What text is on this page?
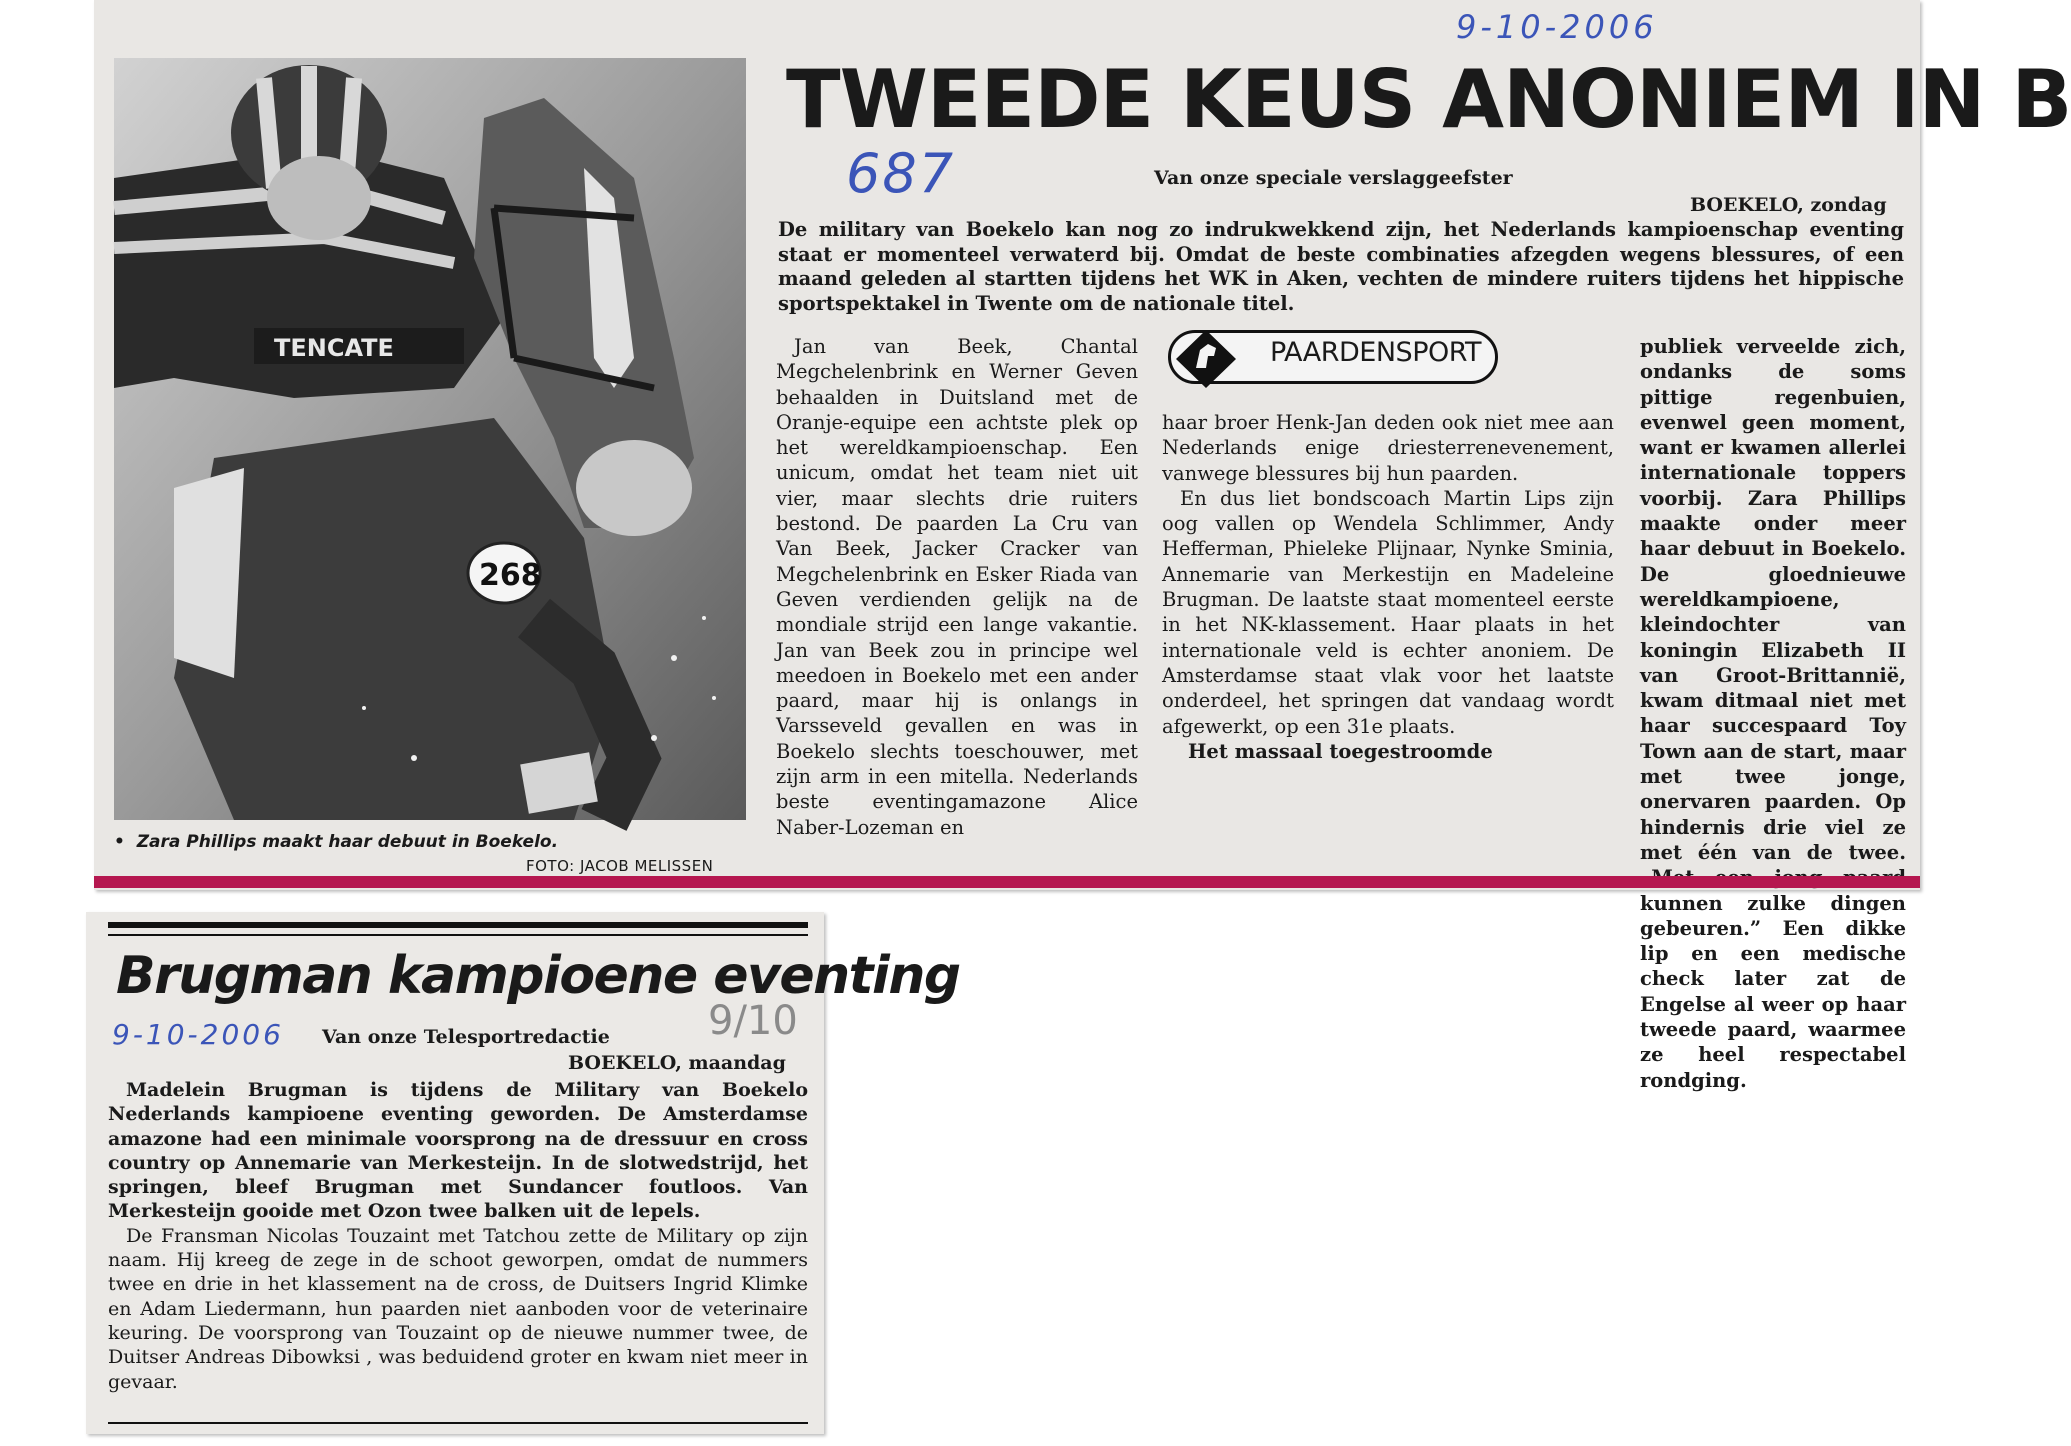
9-10-2006
687
TENCATE
268
•  Zara Phillips maakt haar debuut in Boekelo.
FOTO: JACOB MELISSEN
TWEEDE KEUS ANONIEM IN B
Van onze speciale verslaggeefster
BOEKELO, zondag
De military van Boekelo kan nog zo indrukwekkend zijn, het Nederlands kampioenschap eventing staat er momenteel verwaterd bij. Omdat de beste combinaties afzegden wegens blessures, of een maand geleden al startten tijdens het WK in Aken, vechten de mindere ruiters tijdens het hippische sportspektakel in Twente om de nationale titel.

Jan van Beek, Chantal Megchelenbrink en Werner Geven behaalden in Duitsland met de Oranje-equipe een achtste plek op het wereldkampioenschap. Een unicum, omdat het team niet uit vier, maar slechts drie ruiters bestond. De paarden La Cru van Van Beek, Jacker Cracker van Megchelenbrink en Esker Riada van Geven verdienden gelijk na de mondiale strijd een lange vakantie. Jan van Beek zou in principe wel meedoen in Boekelo met een ander paard, maar hij is onlangs in Varsseveld gevallen en was in Boekelo slechts toeschouwer, met zijn arm in een mitella. Nederlands beste eventingamazone Alice Naber-Lozeman en

PAARDENSPORT

haar broer Henk-Jan deden ook niet mee aan Nederlands enige driesterrenevenement, vanwege blessures bij hun paarden.

En dus liet bondscoach Martin Lips zijn oog vallen op Wendela Schlimmer, Andy Hefferman, Phieleke Plijnaar, Nynke Sminia, Annemarie van Merkestijn en Madeleine Brugman. De laatste staat momenteel eerste in het NK-klassement. Haar plaats in het internationale veld is echter anoniem. De Amsterdamse staat vlak voor het laatste onderdeel, het springen dat vandaag wordt afgewerkt, op een 31e plaats.

Het massaal toegestroomde

publiek verveelde zich, ondanks de soms pittige regenbuien, evenwel geen moment, want er kwamen allerlei internationale toppers voorbij. Zara Phillips maakte onder meer haar debuut in Boekelo. De gloednieuwe wereldkampioene, kleindochter van koningin Elizabeth II van Groot-Brittannië, kwam ditmaal niet met haar succespaard Toy Town aan de start, maar met twee jonge, onervaren paarden. Op hindernis drie viel ze met één van de twee. kunnen zulke dingen gebeuren.” Een dikke lip en een medische check later zat de Engelse al weer op haar tweede paard, waarmee ze heel respectabel rondging.

Brugman kampioene eventing
9-10-2006	9/10
Van onze Telesportredactie
BOEKELO, maandag

Madelein Brugman is tijdens de Military van Boekelo Nederlands kampioene eventing geworden. De Amsterdamse amazone had een minimale voorsprong na de dressuur en cross country op Annemarie van Merkesteijn. In de slotwedstrijd, het springen, bleef Brugman met Sundancer foutloos. Van Merkesteijn gooide met Ozon twee balken uit de lepels.

De Fransman Nicolas Touzaint met Tatchou zette de Military op zijn naam. Hij kreeg de zege in de schoot geworpen, omdat de nummers twee en drie in het klassement na de cross, de Duitsers Ingrid Klimke en Adam Liedermann, hun paarden niet aanboden voor de veterinaire keuring. De voorsprong van Touzaint op de nieuwe nummer twee, de Duitser Andreas Dibowksi , was beduidend groter en kwam niet meer in gevaar.
